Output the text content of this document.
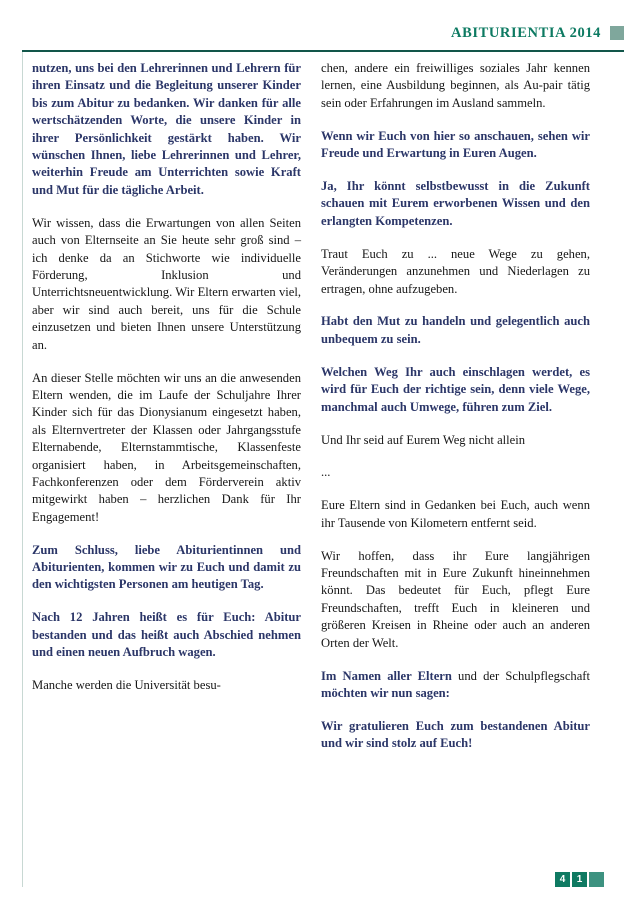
ABITURIENTIA 2014

nutzen, uns bei den Lehrerinnen und Lehrern für ihren Einsatz und die Begleitung unserer Kinder bis zum Abitur zu bedanken. Wir danken für alle wertschätzenden Worte, die unsere Kinder in ihrer Persönlichkeit gestärkt haben. Wir wünschen Ihnen, liebe Lehrerinnen und Lehrer, weiterhin Freude am Unterrichten sowie Kraft und Mut für die tägliche Arbeit.

Wir wissen, dass die Erwartungen von allen Seiten auch von Elternseite an Sie heute sehr groß sind – ich denke da an Stichworte wie individuelle Förderung, Inklusion und Unterrichtsneuentwicklung. Wir Eltern erwarten viel, aber wir sind auch bereit, uns für die Schule einzusetzen und bieten Ihnen unsere Unterstützung an.

An dieser Stelle möchten wir uns an die anwesenden Eltern wenden, die im Laufe der Schuljahre Ihrer Kinder sich für das Dionysianum eingesetzt haben, als Elternvertreter der Klassen oder Jahrgangsstufe Elternabende, Elternstammtische, Klassenfeste organisiert haben, in Arbeitsgemeinschaften, Fachkonferenzen oder dem Förderverein aktiv mitgewirkt haben – herzlichen Dank für Ihr Engagement!

Zum Schluss, liebe Abiturientinnen und Abiturienten, kommen wir zu Euch und damit zu den wichtigsten Personen am heutigen Tag.

Nach 12 Jahren heißt es für Euch: Abitur bestanden und das heißt auch Abschied nehmen und einen neuen Aufbruch wagen.

Manche werden die Universität besu-

chen, andere ein freiwilliges soziales Jahr kennen lernen, eine Ausbildung beginnen, als Au-pair tätig sein oder Erfahrungen im Ausland sammeln.

Wenn wir Euch von hier so anschauen, sehen wir Freude und Erwartung in Euren Augen.

Ja, Ihr könnt selbstbewusst in die Zukunft schauen mit Eurem erworbenen Wissen und den erlangten Kompetenzen.

Traut Euch zu ... neue Wege zu gehen, Veränderungen anzunehmen und Niederlagen zu ertragen, ohne aufzugeben.

Habt den Mut zu handeln und gelegentlich auch unbequem zu sein.

Welchen Weg Ihr auch einschlagen werdet, es wird für Euch der richtige sein, denn viele Wege, manchmal auch Umwege, führen zum Ziel.

Und Ihr seid auf Eurem Weg nicht allein

...

Eure Eltern sind in Gedanken bei Euch, auch wenn ihr Tausende von Kilometern entfernt seid.

Wir hoffen, dass ihr Eure langjährigen Freundschaften mit in Eure Zukunft hineinnehmen könnt. Das bedeutet für Euch, pflegt Eure Freundschaften, trefft Euch in kleineren und größeren Kreisen in Rheine oder auch an anderen Orten der Welt.

Im Namen aller Eltern und der Schulpflegschaft möchten wir nun sagen:

Wir gratulieren Euch zum bestandenen Abitur und wir sind stolz auf Euch!

4	1
